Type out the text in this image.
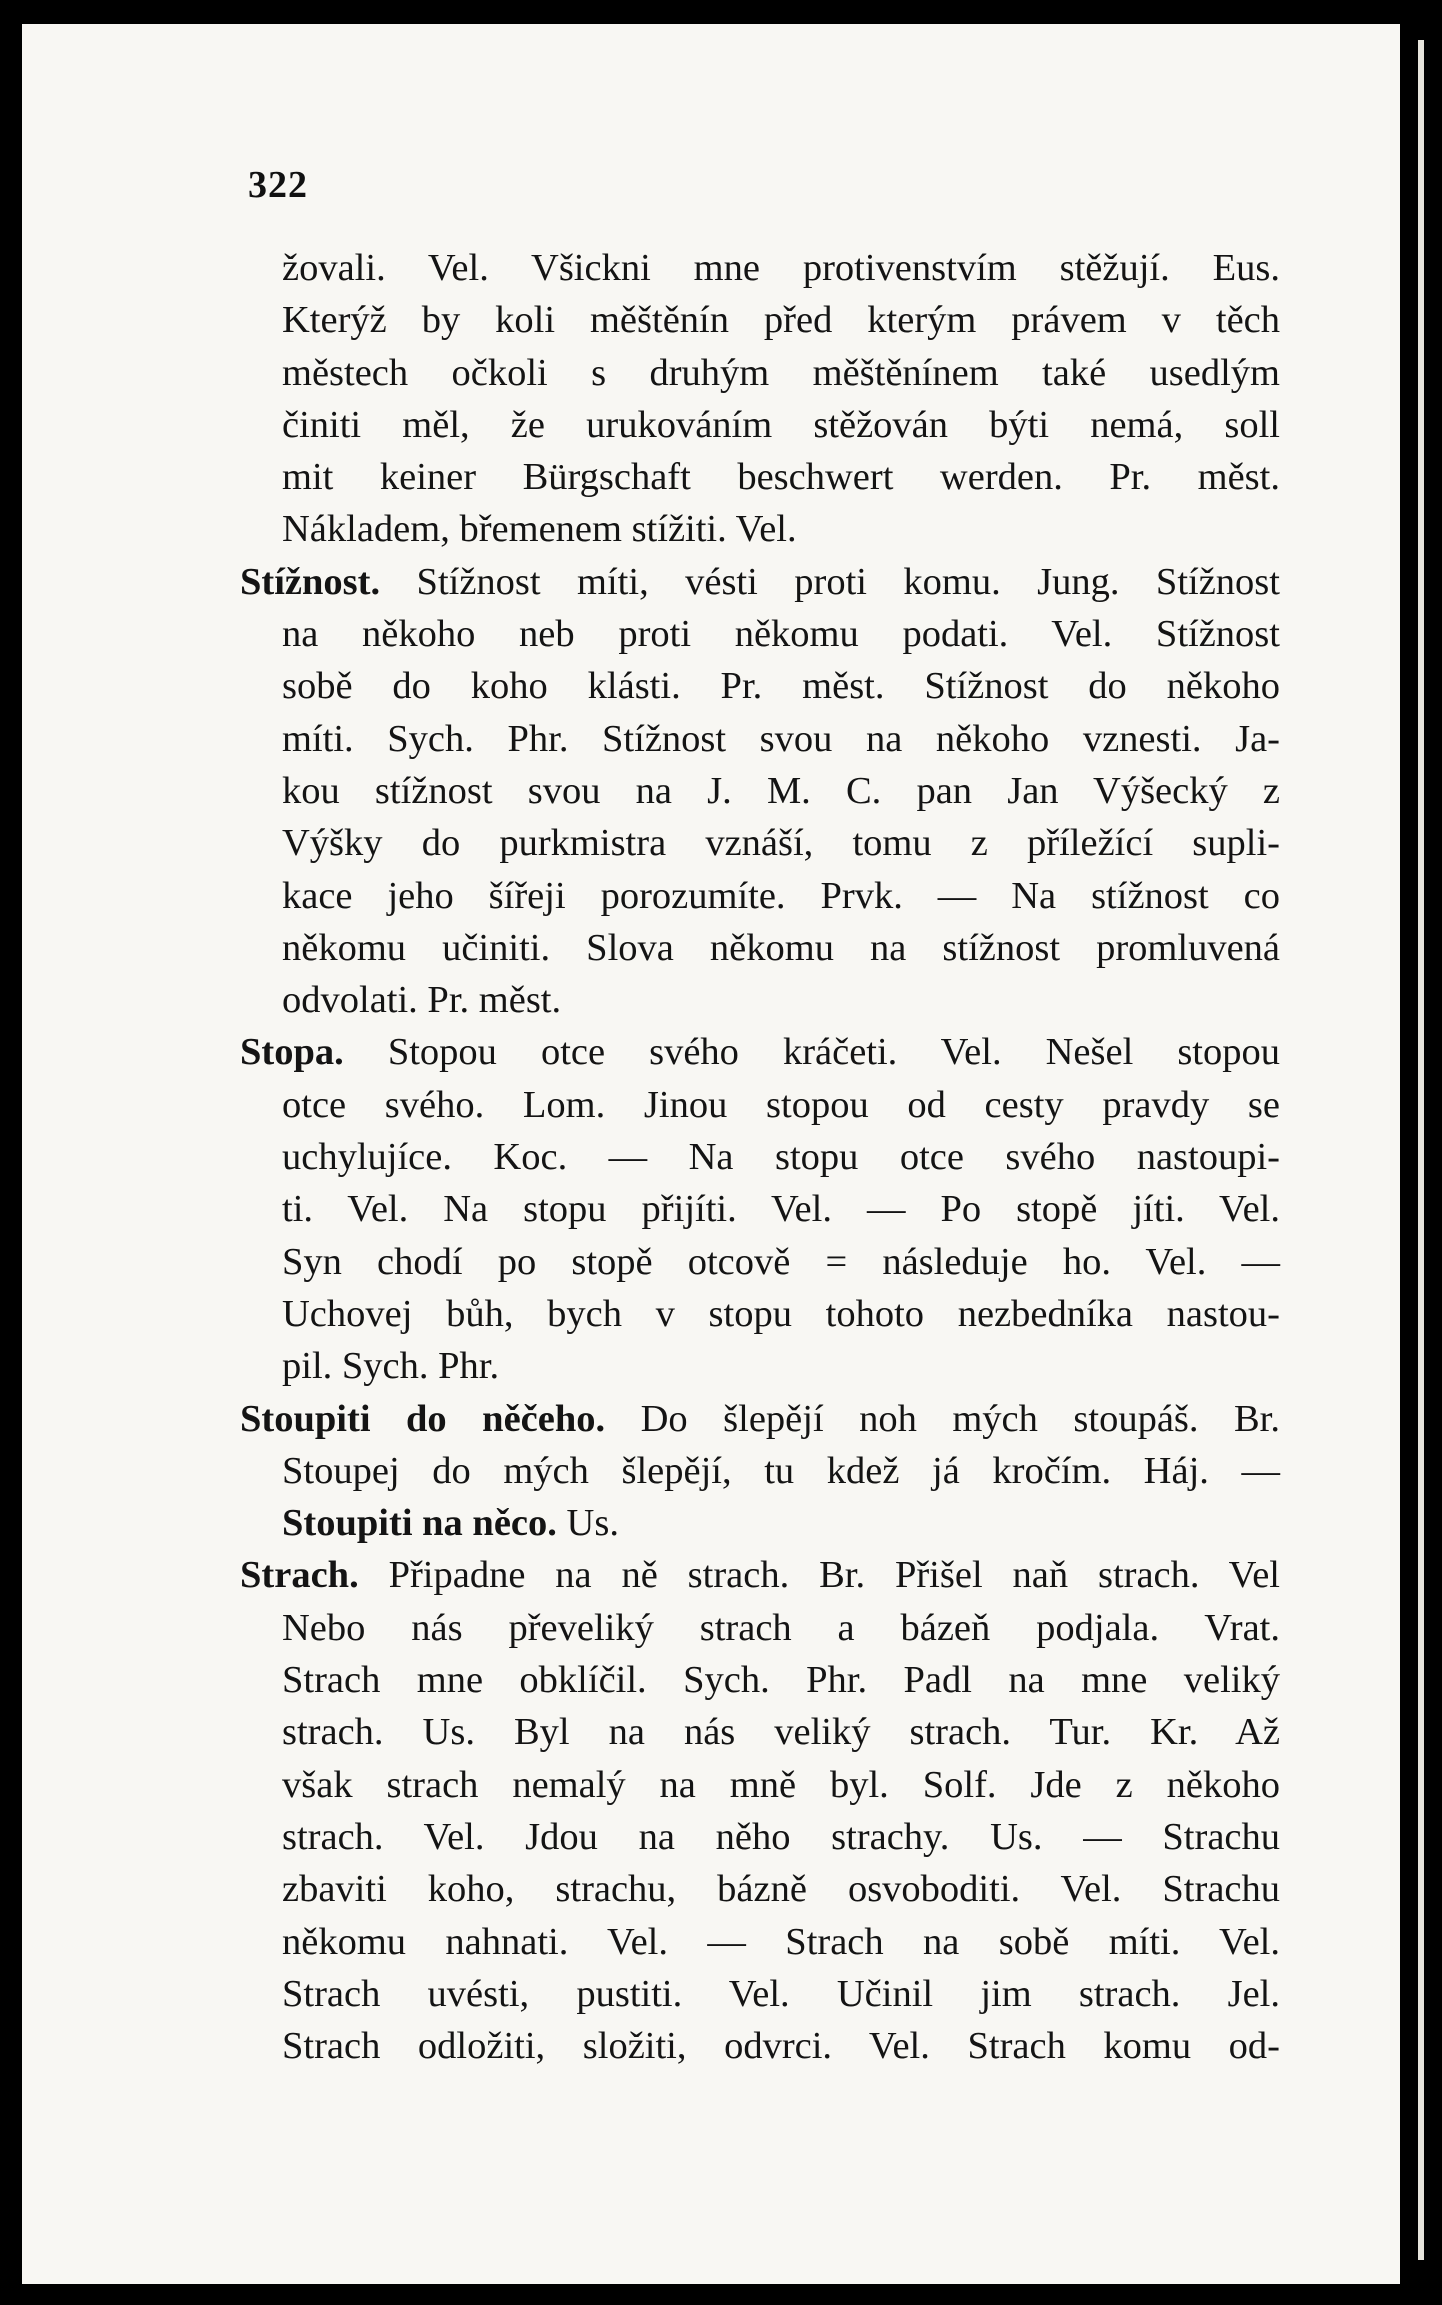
322
žovali. Vel. Všickni mne protivenstvím stěžují. Eus.
Kterýž by koli měštěnín před kterým právem v těch
městech očkoli s druhým měštěnínem také usedlým
činiti měl, že urukováním stěžován býti nemá, soll
mit keiner Bürgschaft beschwert werden. Pr. měst.
Nákladem, břemenem stížiti. Vel.
Stížnost. Stížnost míti, vésti proti komu. Jung. Stížnost
na někoho neb proti někomu podati. Vel. Stížnost
sobě do koho klásti. Pr. měst. Stížnost do někoho
míti. Sych. Phr. Stížnost svou na někoho vznesti. Ja-
kou stížnost svou na J. M. C. pan Jan Výšecký z
Výšky do purkmistra vznáší, tomu z příležící supli-
kace jeho šířeji porozumíte. Prvk. — Na stížnost co
někomu učiniti. Slova někomu na stížnost promluvená
odvolati. Pr. měst.
Stopa. Stopou otce svého kráčeti. Vel. Nešel stopou
otce svého. Lom. Jinou stopou od cesty pravdy se
uchylujíce. Koc. — Na stopu otce svého nastoupi-
ti. Vel. Na stopu přijíti. Vel. — Po stopě jíti. Vel.
Syn chodí po stopě otcově = následuje ho. Vel. —
Uchovej bůh, bych v stopu tohoto nezbedníka nastou-
pil. Sych. Phr.
Stoupiti do něčeho. Do šlepějí noh mých stoupáš. Br.
Stoupej do mých šlepějí, tu kdež já kročím. Háj. —
Stoupiti na něco. Us.
Strach. Připadne na ně strach. Br. Přišel naň strach. Vel
Nebo nás převeliký strach a bázeň podjala. Vrat.
Strach mne obklíčil. Sych. Phr. Padl na mne veliký
strach. Us. Byl na nás veliký strach. Tur. Kr. Až
však strach nemalý na mně byl. Solf. Jde z někoho
strach. Vel. Jdou na něho strachy. Us. — Strachu
zbaviti koho, strachu, bázně osvoboditi. Vel. Strachu
někomu nahnati. Vel. — Strach na sobě míti. Vel.
Strach uvésti, pustiti. Vel. Učinil jim strach. Jel.
Strach odložiti, složiti, odvrci. Vel. Strach komu od-
